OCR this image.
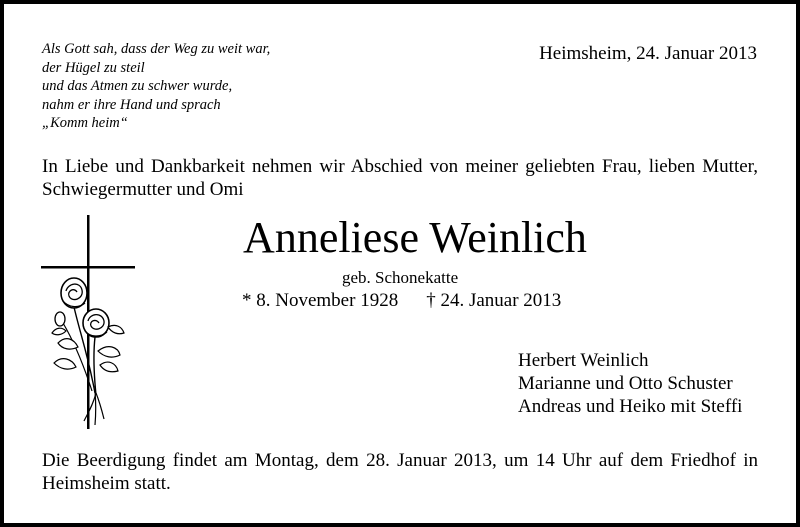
Als Gott sah, dass der Weg zu weit war,
der Hügel zu steil
und das Atmen zu schwer wurde,
nahm er ihre Hand und sprach
„Komm heim“
Heimsheim, 24. Januar 2013
In Liebe und Dankbarkeit nehmen wir Abschied von meiner geliebten Frau, lieben Mutter, Schwiegermutter und Omi
Anneliese Weinlich
geb. Schonekatte
* 8. November 1928 † 24. Januar 2013
Herbert Weinlich
Marianne und Otto Schuster
Andreas und Heiko mit Steffi
Die Beerdigung findet am Montag, dem 28. Januar 2013, um 14 Uhr auf dem Friedhof in Heimsheim statt.
